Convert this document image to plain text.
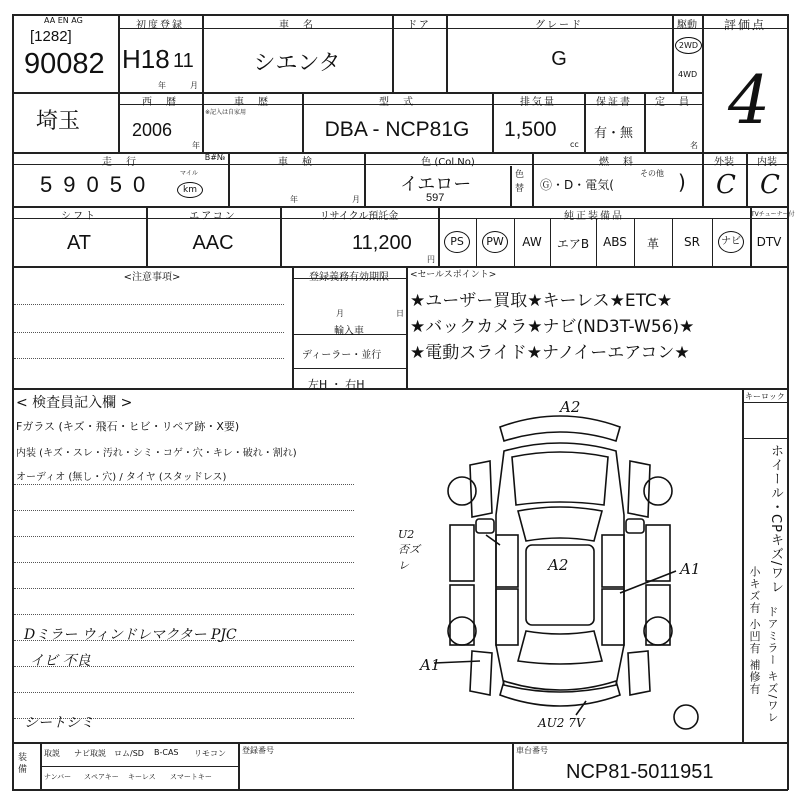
AA EN AG
[1282]
90082
初度登録
H18 11
年	月
車　名
シエンタ
ドア	グレード
G
駆動
2WD
4WD
評価点
4
埼玉
西　暦
2006
年
車　歴
※記入は自家用
型　式
DBA - NCP81G
排気量
1,500
cc
保証書
有・無
定　員
名
走　行	B#№
59050	マイル
km
車　検
年	月
色 (Col.No)
イエロー
597
色替
燃　料
Ⓖ・D・電気(
その他 )
外装
C
内装
C
シフト
AT
エアコン
AAC
リサイクル預託金
11,200
円
純正装備品	TVチューナー付
PS	PW	AW	エアB	ABS	革	SR	ナビ	DTV
<注意事項>	登録義務有効期限
月	日
輸入車
ディーラー・並行
左H ・ 右H
<セールスポイント>
★ユーザー買取★キーレス★ETC★
★バックカメラ★ナビ(ND3T-W56)★
★電動スライド★ナノイーエアコン★
< 検査員記入欄 >
Fガラス (キズ・飛石・ヒビ・リペア跡・X要)
内装 (キズ・スレ・汚れ・シミ・コゲ・穴・キレ・破れ・割れ)
オーディオ (無し・穴) / タイヤ (スタッドレス)
Dミラー ウィンドレマクター PJC
イビ 不良
シートシミ
A2
A2	A1
A1
U2 否ズレ
AU2 7V
キーロック
ホイール・CPキズ/ワレ
ドアミラー キズ/ワレ
小キズ有 小凹有 補修有
装備
取説	ナビ取説	ロム/SD	B-CAS	リモコン
ナンバー	スペアキー	キーレス	スマートキー
登録番号	車台番号
NCP81-5011951
